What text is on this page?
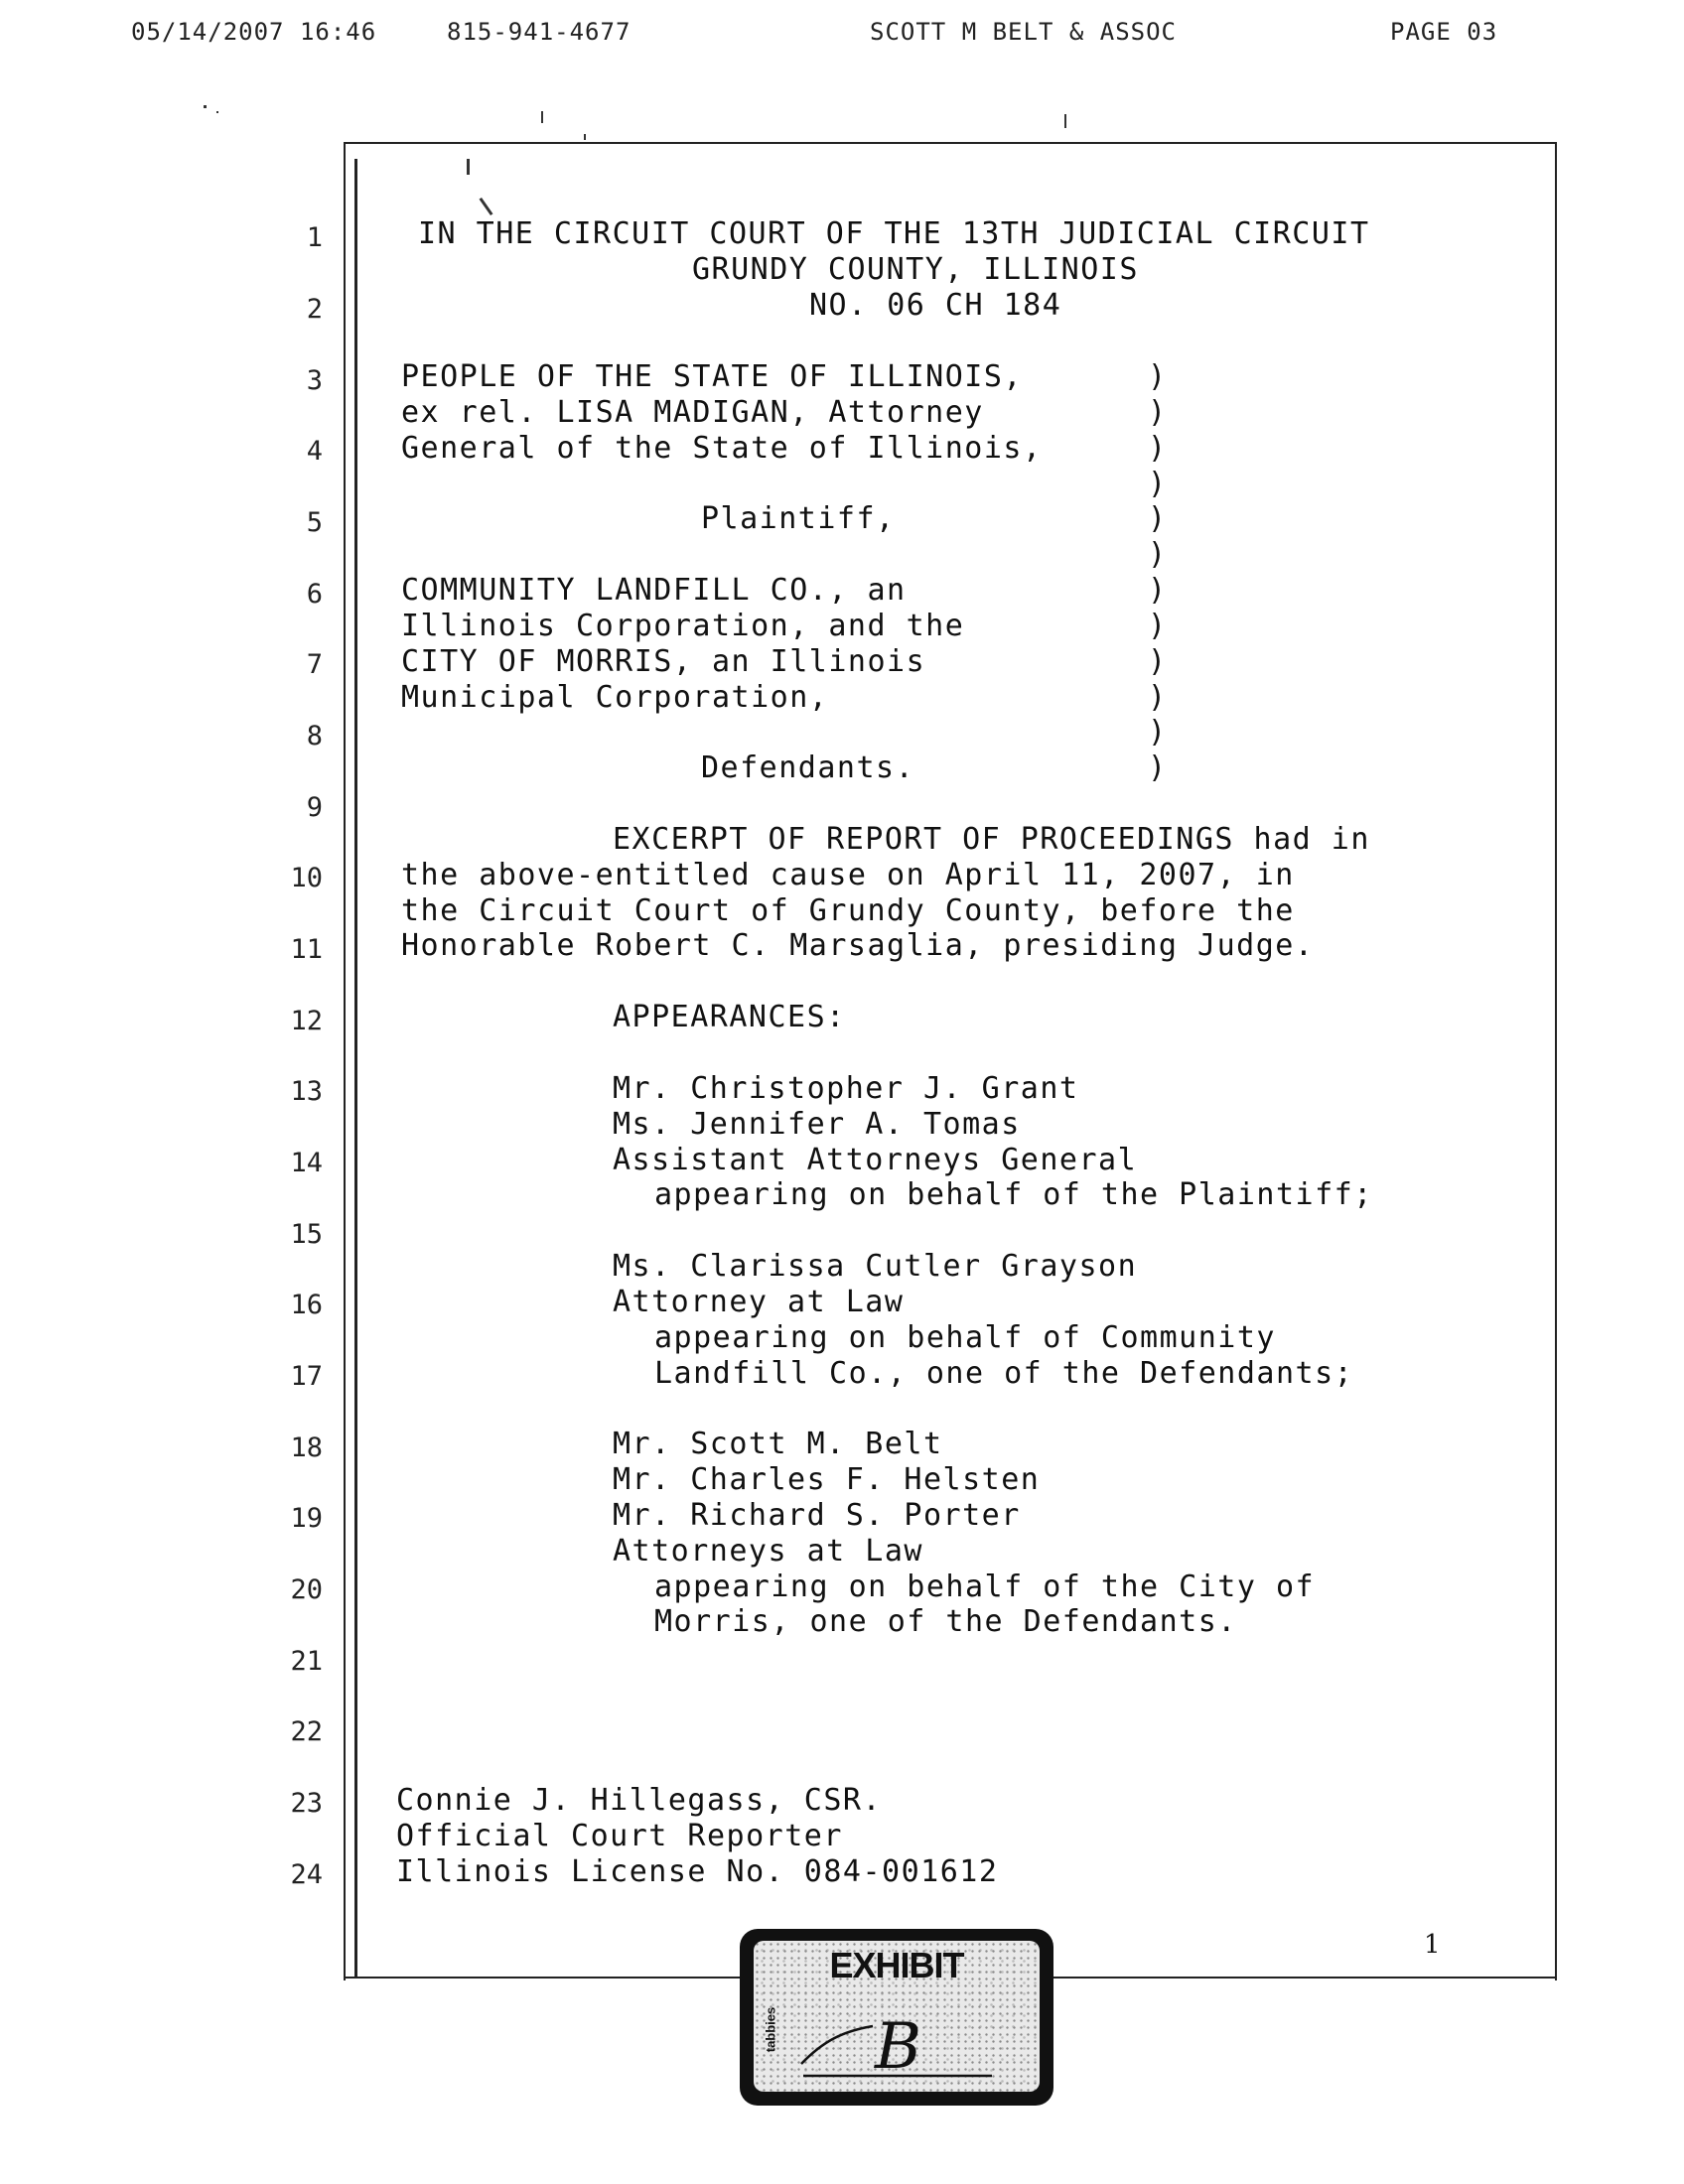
05/14/2007 16:46	815-941-4677	SCOTT M BELT & ASSOC	PAGE 03
1
2
3
4
5
6
7
8
9
10
11
12
13
14
15
16
17
18
19
20
21
22
23
24
IN THE CIRCUIT COURT OF THE 13TH JUDICIAL CIRCUIT
GRUNDY COUNTY, ILLINOIS
NO. 06 CH 184
PEOPLE OF THE STATE OF ILLINOIS,
ex rel. LISA MADIGAN, Attorney
General of the State of Illinois,
Plaintiff,
COMMUNITY LANDFILL CO., an
Illinois Corporation, and the
CITY OF MORRIS, an Illinois
Municipal Corporation,
Defendants.
)
)
)
)
)
)
)
)
)
)
)
)
EXCERPT OF REPORT OF PROCEEDINGS had in
the above-entitled cause on April 11, 2007, in
the Circuit Court of Grundy County, before the
Honorable Robert C. Marsaglia, presiding Judge.
APPEARANCES:
Mr. Christopher J. Grant
Ms. Jennifer A. Tomas
Assistant Attorneys General
appearing on behalf of the Plaintiff;
Ms. Clarissa Cutler Grayson
Attorney at Law
appearing on behalf of Community
Landfill Co., one of the Defendants;
Mr. Scott M. Belt
Mr. Charles F. Helsten
Mr. Richard S. Porter
Attorneys at Law
appearing on behalf of the City of
Morris, one of the Defendants.
Connie J. Hillegass, CSR.
Official Court Reporter
Illinois License No. 084-001612
1
EXHIBIT
tabbies B
